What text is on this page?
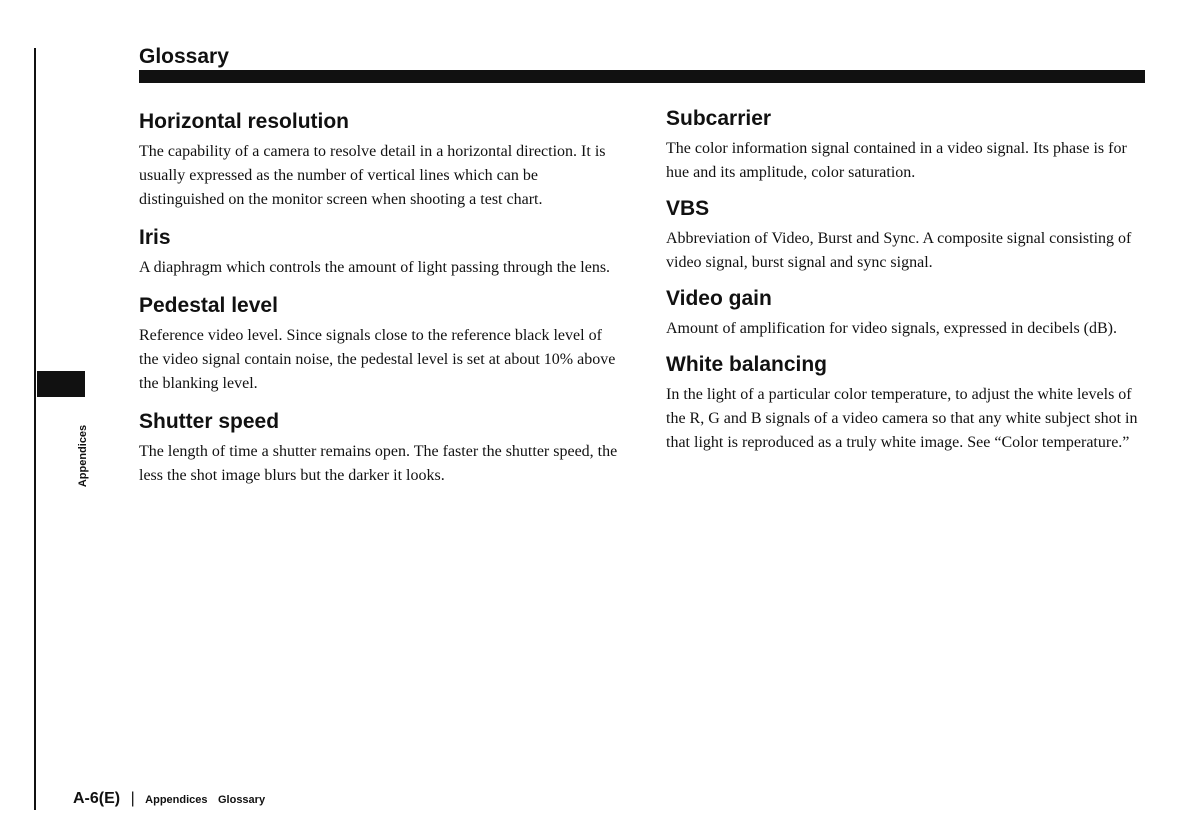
Appendices
Glossary
Horizontal resolution

The capability of a camera to resolve detail in a horizontal direction. It is usually expressed as the number of vertical lines which can be distinguished on the monitor screen when shooting a test chart.

Iris

A diaphragm which controls the amount of light passing through the lens.

Pedestal level

Reference video level. Since signals close to the reference black level of the video signal contain noise, the pedestal level is set at about 10% above the blanking level.

Shutter speed

The length of time a shutter remains open. The faster the shutter speed, the less the shot image blurs but the darker it looks.

Subcarrier

The color information signal contained in a video signal. Its phase is for hue and its amplitude, color saturation.

VBS

Abbreviation of Video, Burst and Sync. A composite signal consisting of video signal, burst signal and sync signal.

Video gain

Amount of amplification for video signals, expressed in decibels (dB).

White balancing

In the light of a particular color temperature, to adjust the white levels of the R, G and B signals of a video camera so that any white subject shot in that light is reproduced as a truly white image. See “Color temperature.”

A-6(E) | Appendices Glossary
